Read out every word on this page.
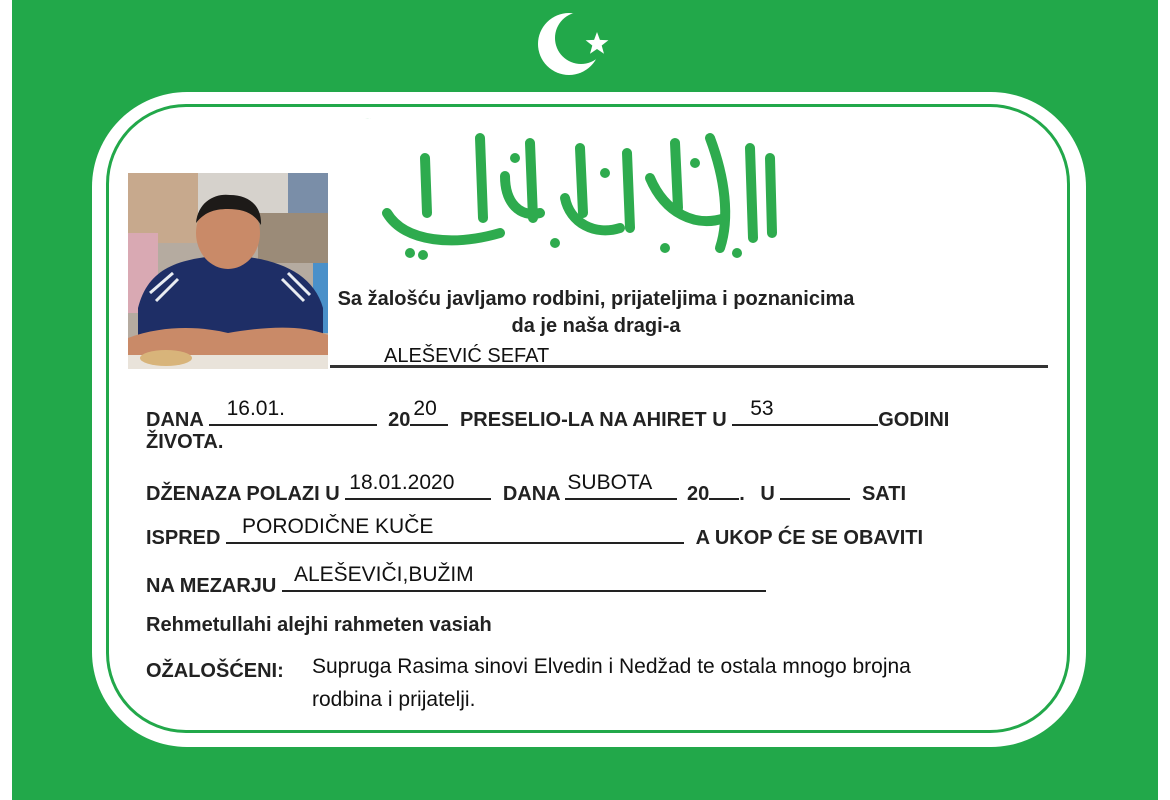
ارتحل إلى ربه
Sa žalošću javljamo rodbini, prijateljima i poznanicima da je naša dragi-a
ALEŠEVIĆ SEFAT
DANA 16.01.	20 20	PRESELIO-LA NA AHIRET U 53	GODINI
ŽIVOTA.
DŽENAZA POLAZI U 18.01.2020	DANA SUBOTA	20 . U	SATI
ISPRED PORODIČNE KUČE	A UKOP ĆE SE OBAVITI
NA MEZARJU ALEŠEVIČI,BUŽIM
Rehmetullahi alejhi rahmeten vasiah
OŽALOŠĆENI: Supruga Rasima sinovi Elvedin i Nedžad te ostala mnogo brojna rodbina i prijatelji.
